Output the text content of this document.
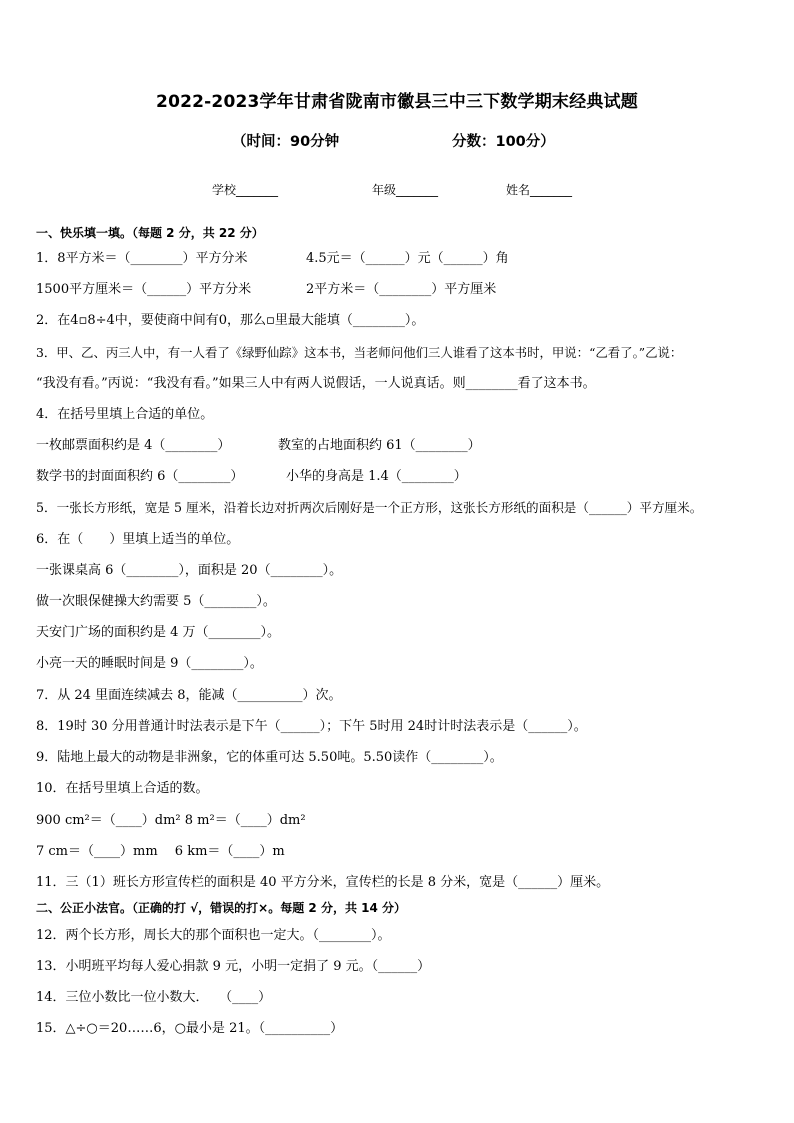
2022-2023学年甘肃省陇南市徽县三中三下数学期末经典试题
（时间：90分钟	分数：100分）
学校_______	年级_______	姓名_______
一、快乐填一填。（每题 2 分，共 22 分）
1．8平方米＝（________）平方分米	4.5元＝（______）元（______）角
1500平方厘米＝（______）平方分米	2平方米＝（________）平方厘米
2．在4▫8÷4中，要使商中间有0，那么▫里最大能填（________）。
3．甲、乙、丙三人中，有一人看了《绿野仙踪》这本书，当老师问他们三人谁看了这本书时，甲说：“乙看了。”乙说：
“我没有看。”丙说：“我没有看。”如果三人中有两人说假话，一人说真话。则________看了这本书。
4．在括号里填上合适的单位。
一枚邮票面积约是 4（________）	教室的占地面积约 61（________）
数学书的封面面积约 6（________）	小华的身高是 1.4（________）
5．一张长方形纸，宽是 5 厘米，沿着长边对折两次后刚好是一个正方形，这张长方形纸的面积是（______）平方厘米。
6．在（　　）里填上适当的单位。
一张课桌高 6（________），面积是 20（________）。
做一次眼保健操大约需要 5（________）。
天安门广场的面积约是 4 万（________）。
小亮一天的睡眠时间是 9（________）。
7．从 24 里面连续减去 8，能减（__________）次。
8．19时 30 分用普通计时法表示是下午（______）；下午 5时用 24时计时法表示是（______）。
9．陆地上最大的动物是非洲象，它的体重可达 5.50吨。5.50读作（________）。
10．在括号里填上合适的数。
900 cm²＝（____）dm² 8 m²＝（____）dm²
7 cm＝（____）mm　 6 km＝（____）m
11．三（1）班长方形宣传栏的面积是 40 平方分米，宣传栏的长是 8 分米，宽是（______）厘米。
二、公正小法官。（正确的打 √，错误的打×。每题 2 分，共 14 分）
12．两个长方形，周长大的那个面积也一定大。（________）。
13．小明班平均每人爱心捐款 9 元，小明一定捐了 9 元。（______）
14．三位小数比一位小数大．　 （____）
15．△÷○＝20……6，○最小是 21。（__________）
